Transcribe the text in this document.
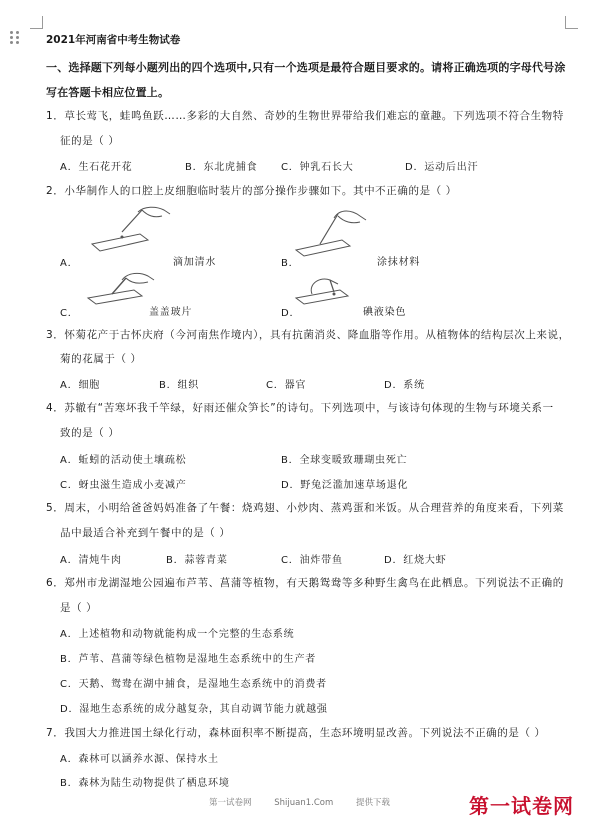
2021年河南省中考生物试卷
一、选择题下列每小题列出的四个选项中,只有一个选项是最符合题目要求的。请将正确选项的字母代号涂
写在答题卡相应位置上。
1．草长莺飞，蛙鸣鱼跃……多彩的大自然、奇妙的生物世界带给我们难忘的童趣。下列选项不符合生物特
征的是（ ）
A．生石花开花	B．东北虎捕食 C．钟乳石长大	D．运动后出汗
2．小华制作人的口腔上皮细胞临时装片的部分操作步骤如下。其中不正确的是（ ）
A．	滴加清水	B．	涂抹材料
C．	盖盖玻片	D．	碘液染色
3．怀菊花产于古怀庆府（今河南焦作境内），具有抗菌消炎、降血脂等作用。从植物体的结构层次上来说，
菊的花属于（ ）
A．细胞	B．组织	C．器官	D．系统
4．苏辙有“苦寒坏我千竿绿，好雨还催众笋长”的诗句。下列选项中，与该诗句体现的生物与环境关系一
致的是（ ）
A．蚯蚓的活动使土壤疏松	B．全球变暖致珊瑚虫死亡
C．蚜虫滋生造成小麦减产	D．野兔泛滥加速草场退化
5．周末，小明给爸爸妈妈准备了午餐：烧鸡翅、小炒肉、蒸鸡蛋和米饭。从合理营养的角度来看，下列菜
品中最适合补充到午餐中的是（ ）
A．清炖牛肉	B．蒜蓉青菜	C．油炸带鱼	D．红烧大虾
6．郑州市龙湖湿地公园遍布芦苇、菖蒲等植物，有天鹅鸳鸯等多种野生禽鸟在此栖息。下列说法不正确的
是（ ）
A．上述植物和动物就能构成一个完整的生态系统
B．芦苇、菖蒲等绿色植物是湿地生态系统中的生产者
C．天鹅、鸳鸯在湖中捕食，是湿地生态系统中的消费者
D．湿地生态系统的成分越复杂，其自动调节能力就越强
7．我国大力推进国土绿化行动，森林面积率不断提高，生态环境明显改善。下列说法不正确的是（ ）
A．森林可以涵养水源、保持水土
B．森林为陆生动物提供了栖息环境
第一试卷网	Shijuan1.Com	提供下载	第一试卷网
